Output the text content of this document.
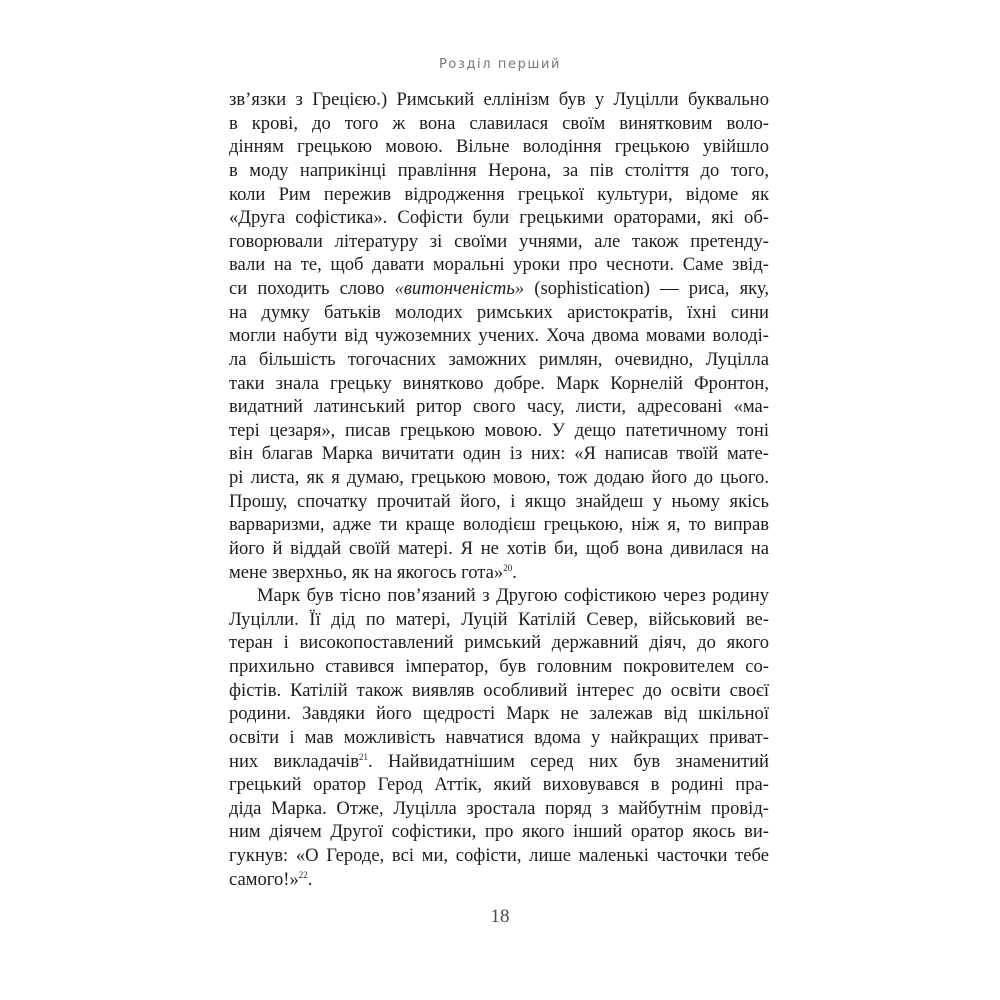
Розділ перший
зв’язки з Грецією.) Римський еллінізм був у Луцілли буквально
в крові, до того ж вона славилася своїм винятковим воло-
дінням грецькою мовою. Вільне володіння грецькою увійшло
в моду наприкінці правління Нерона, за пів століття до того,
коли Рим пережив відродження грецької культури, відоме як
«Друга софістика». Софісти були грецькими ораторами, які об-
говорювали літературу зі своїми учнями, але також претенду-
вали на те, щоб давати моральні уроки про чесноти. Саме звід-
си походить слово «витонченість» (sophistication) — риса, яку,
на думку батьків молодих римських аристократів, їхні сини
могли набути від чужоземних учених. Хоча двома мовами володі-
ла більшість тогочасних заможних римлян, очевидно, Луцілла
таки знала грецьку винятково добре. Марк Корнелій Фронтон,
видатний латинський ритор свого часу, листи, адресовані «ма-
тері цезаря», писав грецькою мовою. У дещо патетичному тоні
він благав Марка вичитати один із них: «Я написав твоїй мате-
рі листа, як я думаю, грецькою мовою, тож додаю його до цього.
Прошу, спочатку прочитай його, і якщо знайдеш у ньому якісь
варваризми, адже ти краще володієш грецькою, ніж я, то виправ
його й віддай своїй матері. Я не хотів би, щоб вона дивилася на
мене зверхньо, як на якогось гота»$^{20}$.
Марк був тісно пов’язаний з Другою софістикою через родину
Луцілли. Її дід по матері, Луцій Катілій Север, військовий ве-
теран і високопоставлений римський державний діяч, до якого
прихильно ставився імператор, був головним покровителем со-
фістів. Катілій також виявляв особливий інтерес до освіти своєї
родини. Завдяки його щедрості Марк не залежав від шкільної
освіти і мав можливість навчатися вдома у найкращих приват-
них викладачів$^{21}$. Найвидатнішим серед них був знаменитий
грецький оратор Герод Аттік, який виховувався в родині пра-
діда Марка. Отже, Луцілла зростала поряд з майбутнім провід-
ним діячем Другої софістики, про якого інший оратор якось ви-
гукнув: «О Героде, всі ми, софісти, лише маленькі часточки тебе
самого!»$^{22}$.
18
